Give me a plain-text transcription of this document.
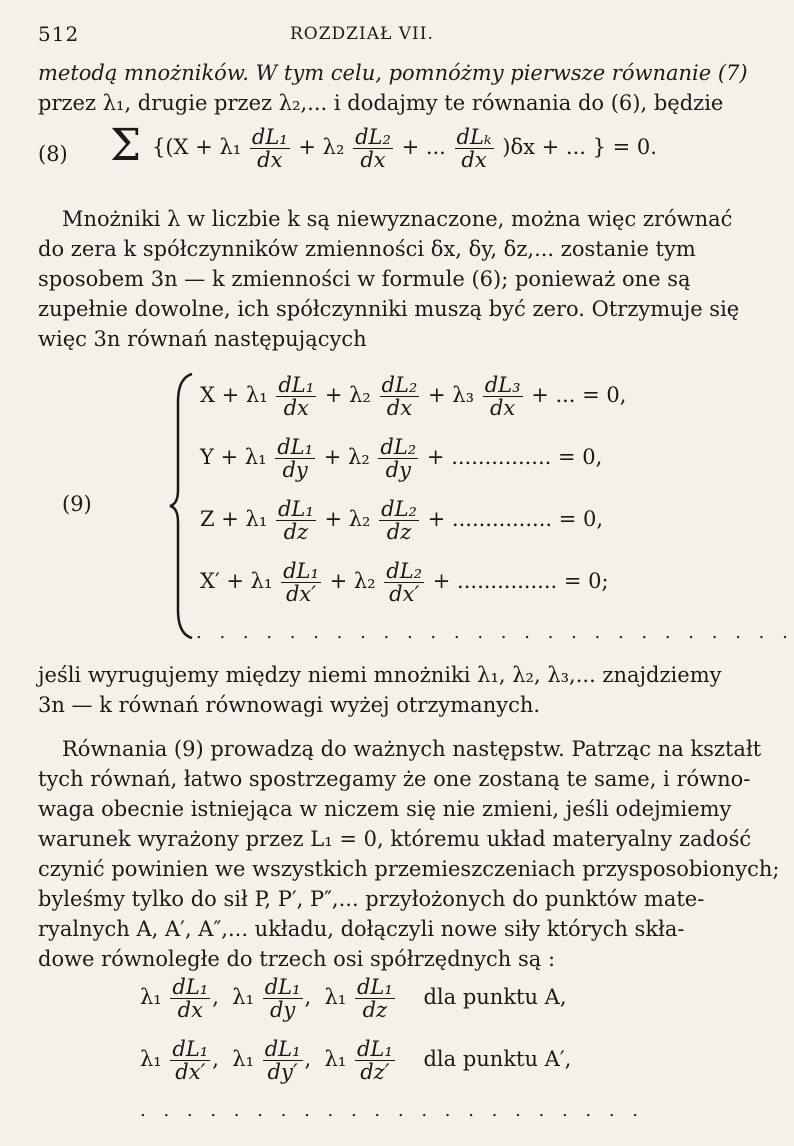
512	ROZDZIAŁ VII.
metodą mnożników. W tym celu, pomnóżmy pierwsze równanie (7)
przez λ₁, drugie przez λ₂,... i dodajmy te równania do (6), będzie
(8) Σ {($X + \lambda_1 \frac{\text{dL₁}}{dx} + \lambda_2 \frac{\text{dL₂}}{dx}$ + ... $\frac{\text{dLₖ}}{dx} )\delta x$ + ... } = 0.
Mnożniki λ w liczbie k są niewyznaczone, można więc zrównać
do zera k spółczynników zmienności δx, δy, δz,... zostanie tym
sposobem 3n — k zmienności w formule (6); ponieważ one są
zupełnie dowolne, ich spółczynniki muszą być zero. Otrzymuje się
więc 3n równań następujących
(9)
$X + \lambda_1 \frac{\text{dL₁}}{dx} + \lambda_2 \frac{\text{dL₂}}{dx} + \lambda_3 \frac{\text{dL₃}}{dx}$ + ... = 0,
$Y + \lambda_1 \frac{\text{dL₁}}{dy} + \lambda_2 \frac{\text{dL₂}}{dy}$ + ............... = 0,
$Z + \lambda_1 \frac{\text{dL₁}}{dz} + \lambda_2 \frac{\text{dL₂}}{dz}$ + ............... = 0,
$X' + \lambda_1 \frac{\text{dL₁}}{dx'} + \lambda_2 \frac{\text{dL₂}}{dx'}$ + ............... = 0;
. . . . . . . . . . . . . . . . . . . . . . . . . .
jeśli wyrugujemy między niemi mnożniki λ₁, λ₂, λ₃,... znajdziemy
3n — k równań równowagi wyżej otrzymanych.
Równania (9) prowadzą do ważnych następstw. Patrząc na kształt
tych równań, łatwo spostrzegamy że one zostaną te same, i równo-
waga obecnie istniejąca w niczem się nie zmieni, jeśli odejmiemy
warunek wyrażony przez L₁ = 0, któremu układ materyalny zadość
czynić powinien we wszystkich przemieszczeniach przysposobionych;
byleśmy tylko do sił P, P′, P″,... przyłożonych do punktów mate-
ryalnych A, A′, A″,... układu, dołączyli nowe siły których skła-
dowe równoległe do trzech osi spółrzędnych są :
$\lambda_1 \frac{\text{dL₁}}{dx}$ ,  $\lambda_1 \frac{\text{dL₁}}{dy}$ ,  $\lambda_1 \frac{\text{dL₁}}{dz}$ dla punktu A,
$\lambda_1 \frac{\text{dL₁}}{dx'}$ ,  $\lambda_1 \frac{\text{dL₁}}{dy'}$ ,  $\lambda_1 \frac{\text{dL₁}}{dz'}$ dla punktu A′,
. . . . . . . . . . . . . . . . . . . . . .
